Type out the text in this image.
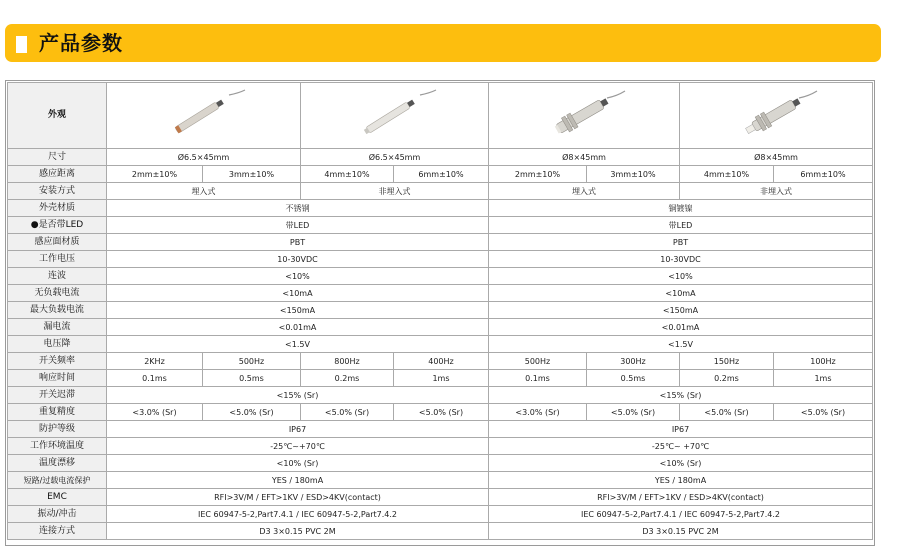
产品参数
外观	

尺寸	Ø6.5×45mm		Ø6.5×45mm		Ø8×45mm		Ø8×45mm	
感应距离	2mm±10%	3mm±10%	4mm±10%	6mm±10%	2mm±10%	3mm±10%	4mm±10%	6mm±10%
安装方式	埋入式		非埋入式		埋入式		非埋入式	
外壳材质	不锈钢				铜镀镍			
●是否带LED	带LED				带LED			
感应面材质	PBT				PBT			
工作电压	10-30VDC				10-30VDC			
连波	<10%				<10%			
无负载电流	<10mA				<10mA			
最大负载电流	<150mA				<150mA			
漏电流	<0.01mA				<0.01mA			
电压降	<1.5V				<1.5V			
开关频率	2KHz	500Hz	800Hz	400Hz	500Hz	300Hz	150Hz	100Hz
响应时间	0.1ms	0.5ms	0.2ms	1ms	0.1ms	0.5ms	0.2ms	1ms
开关迟滞	<15% (Sr)				<15% (Sr)			
重复精度	<3.0% (Sr)	<5.0% (Sr)	<5.0% (Sr)	<5.0% (Sr)	<3.0% (Sr)	<5.0% (Sr)	<5.0% (Sr)	<5.0% (Sr)
防护等级	IP67				IP67			
工作环境温度	-25℃~+70℃				-25℃~ +70℃			
温度漂移	<10% (Sr)				<10% (Sr)			
短路/过载电流保护	YES / 180mA				YES / 180mA			
EMC	RFI>3V/M / EFT>1KV / ESD>4KV(contact)				RFI>3V/M / EFT>1KV / ESD>4KV(contact)			
振动/冲击	IEC 60947-5-2,Part7.4.1 / IEC 60947-5-2,Part7.4.2				IEC 60947-5-2,Part7.4.1 / IEC 60947-5-2,Part7.4.2			
连接方式	D3 3×0.15 PVC 2M				D3 3×0.15 PVC 2M			
